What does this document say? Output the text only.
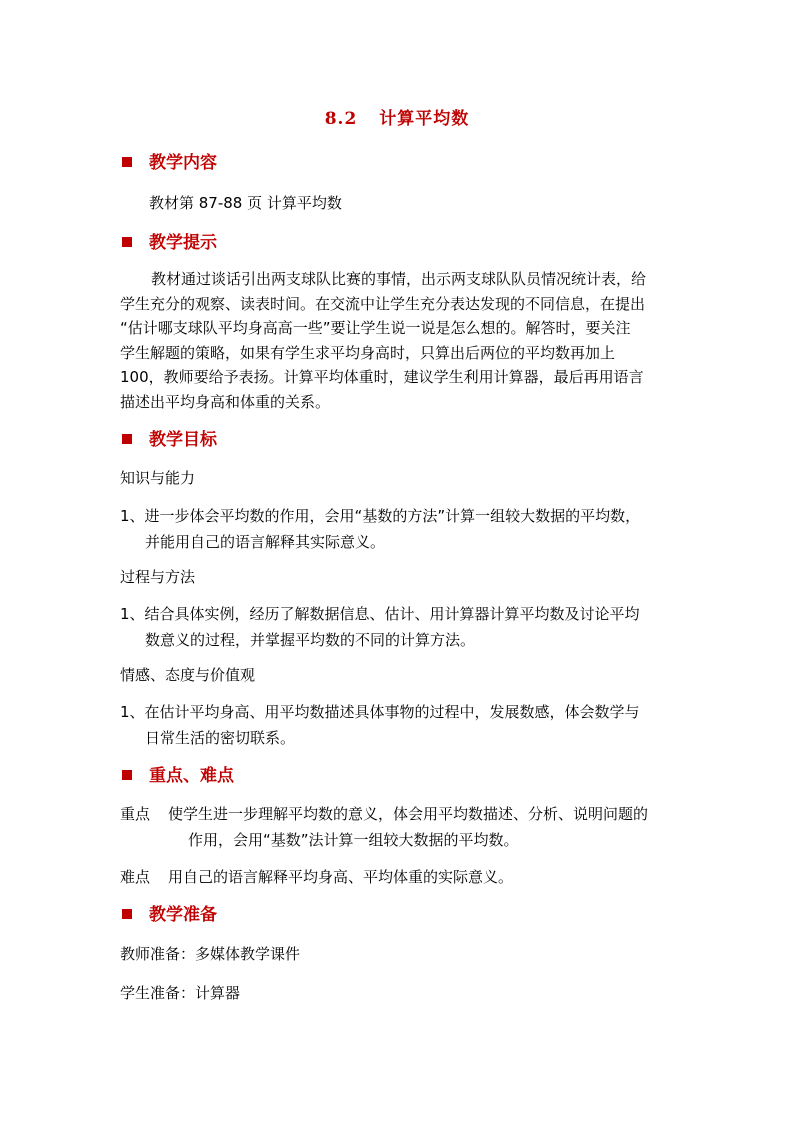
8.2 计算平均数
教学内容
教材第 87-88 页 计算平均数
教学提示
教材通过谈话引出两支球队比赛的事情，出示两支球队队员情况统计表，给
学生充分的观察、读表时间。在交流中让学生充分表达发现的不同信息，在提出
“估计哪支球队平均身高高一些”要让学生说一说是怎么想的。解答时，要关注
学生解题的策略，如果有学生求平均身高时，只算出后两位的平均数再加上
100，教师要给予表扬。计算平均体重时，建议学生利用计算器，最后再用语言
描述出平均身高和体重的关系。
教学目标
知识与能力
1、进一步体会平均数的作用，会用“基数的方法”计算一组较大数据的平均数，
并能用自己的语言解释其实际意义。
过程与方法
1、结合具体实例，经历了解数据信息、估计、用计算器计算平均数及讨论平均
数意义的过程，并掌握平均数的不同的计算方法。
情感、态度与价值观
1、在估计平均身高、用平均数描述具体事物的过程中，发展数感，体会数学与
日常生活的密切联系。
重点、难点
重点 使学生进一步理解平均数的意义，体会用平均数描述、分析、说明问题的
作用，会用“基数”法计算一组较大数据的平均数。
难点 用自己的语言解释平均身高、平均体重的实际意义。
教学准备
教师准备：多媒体教学课件
学生准备：计算器
